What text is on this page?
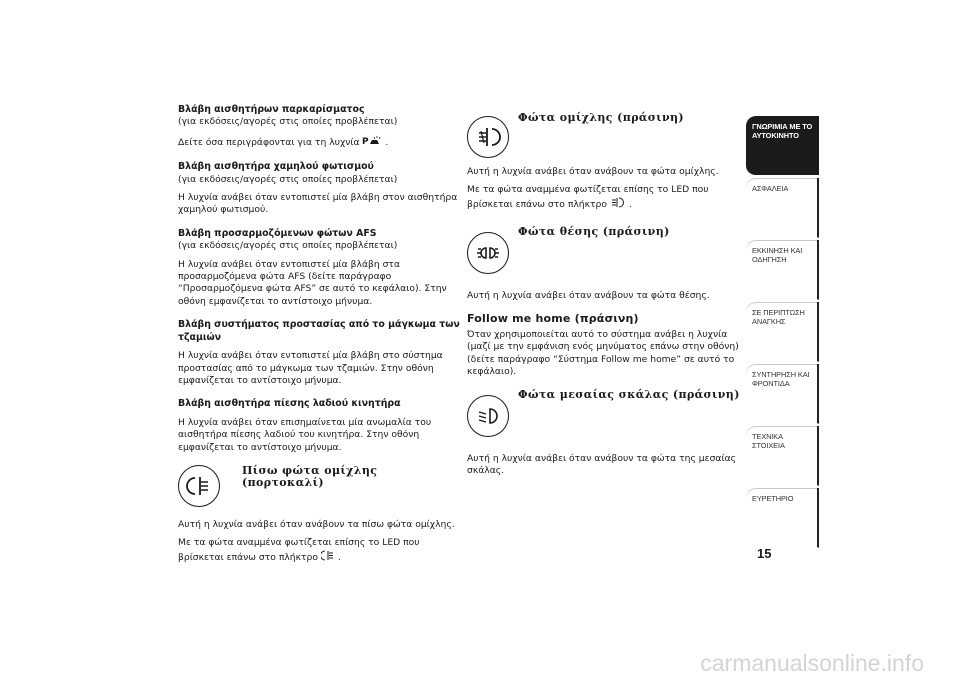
Βλάβη αισθητήρων παρκαρίσματος

(για εκδόσεις/αγορές στις οποίες προβλέπεται)

Δείτε όσα περιγράφονται για τη λυχνία P .

Βλάβη αισθητήρα χαμηλού φωτισμού

(για εκδόσεις/αγορές στις οποίες προβλέπεται)

Η λυχνία ανάβει όταν εντοπιστεί μία βλάβη στον αισθητήρα χαμηλού φωτισμού.

Βλάβη προσαρμοζόμενων φώτων AFS

(για εκδόσεις/αγορές στις οποίες προβλέπεται)

Η λυχνία ανάβει όταν εντοπιστεί μία βλάβη στα προσαρμοζόμενα φώτα AFS (δείτε παράγραφο “Προσαρμοζόμενα φώτα AFS” σε αυτό το κεφάλαιο). Στην οθόνη εμφανίζεται το αντίστοιχο μήνυμα.

Βλάβη συστήματος προστασίας από το μάγκωμα των τζαμιών

Η λυχνία ανάβει όταν εντοπιστεί μία βλάβη στο σύστημα προστασίας από το μάγκωμα των τζαμιών. Στην οθόνη εμφανίζεται το αντίστοιχο μήνυμα.

Βλάβη αισθητήρα πίεσης λαδιού κινητήρα

Η λυχνία ανάβει όταν επισημαίνεται μία ανωμαλία του αισθητήρα πίεσης λαδιού του κινητήρα. Στην οθόνη εμφανίζεται το αντίστοιχο μήνυμα.

Πίσω φώτα ομίχλης (πορτοκαλί)

Αυτή η λυχνία ανάβει όταν ανάβουν τα πίσω φώτα ομίχλης.

Με τα φώτα αναμμένα φωτίζεται επίσης το LED που βρίσκεται επάνω στο πλήκτρο  .

Φώτα ομίχλης (πράσινη)

Αυτή η λυχνία ανάβει όταν ανάβουν τα φώτα ομίχλης.

Με τα φώτα αναμμένα φωτίζεται επίσης το LED που βρίσκεται επάνω στο πλήκτρο  .

Φώτα θέσης (πράσινη)

Αυτή η λυχνία ανάβει όταν ανάβουν τα φώτα θέσης.

Follow me home (πράσινη)

Όταν χρησιμοποιείται αυτό το σύστημα ανάβει η λυχνία (μαζί με την εμφάνιση ενός μηνύματος επάνω στην οθόνη) (δείτε παράγραφο “Σύστημα Follow me home” σε αυτό το κεφάλαιο).

Φώτα μεσαίας σκάλας (πράσινη)

Αυτή η λυχνία ανάβει όταν ανάβουν τα φώτα της μεσαίας σκάλας.

ΓΝΩΡΙΜΙΑ ΜΕ ΤΟ ΑΥΤΟΚΙΝΗΤΟ
ΑΣΦΑΛΕΙΑ
ΕΚΚΙΝΗΣΗ ΚΑΙ ΟΔΗΓΗΣΗ
ΣΕ ΠΕΡΙΠΤΩΣΗ ΑΝΑΓΚΗΣ
ΣΥΝΤΗΡΗΣΗ ΚΑΙ ΦΡΟΝΤΙΔΑ
ΤΕΧΝΙΚΑ ΣΤΟΙΧΕΙΑ
ΕΥΡΕΤΗΡΙΟ
15
carmanualsonline.info
